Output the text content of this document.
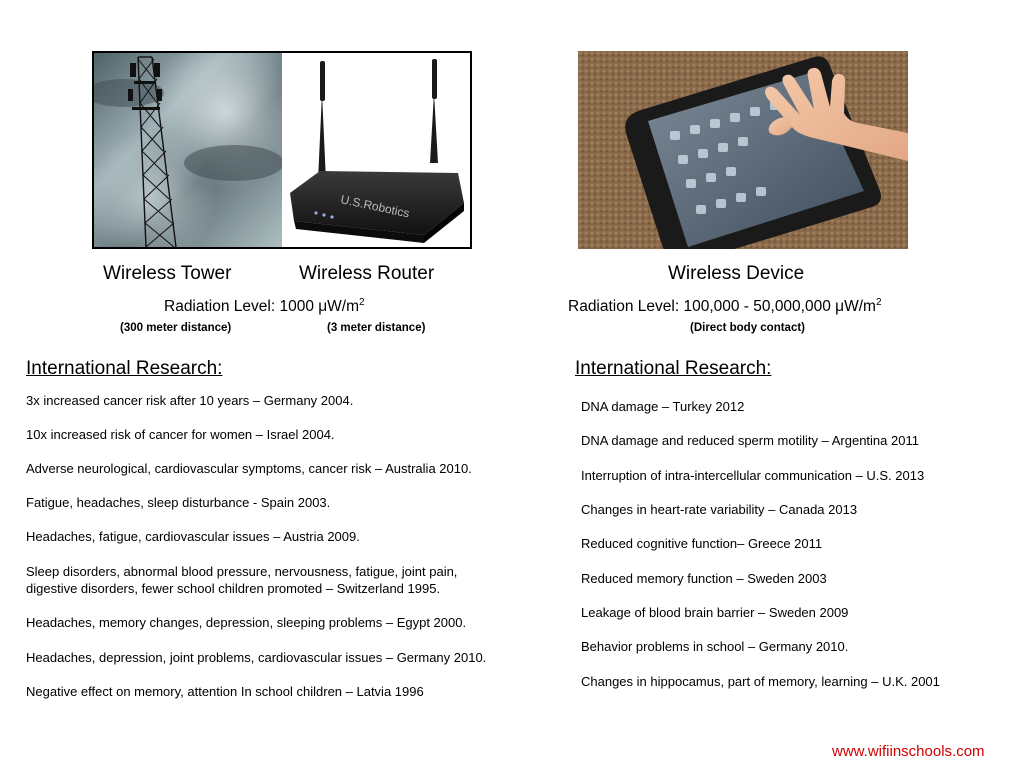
U.S.Robotics
Wireless Tower	Wireless Router	Wireless Device
Radiation Level: 1000 $\mu W/m^2$	Radiation Level: 100,000 - 50,000,000 $\mu W/m^2$
(300 meter distance)	(3 meter distance)	(Direct body contact)
International Research:	International Research:
3x increased cancer risk after 10 years – Germany 2004.
10x increased risk of cancer for women – Israel 2004.
Adverse neurological, cardiovascular symptoms, cancer risk – Australia 2010.
Fatigue, headaches, sleep disturbance - Spain 2003.
Headaches, fatigue, cardiovascular issues – Austria 2009.
Sleep disorders, abnormal blood pressure, nervousness, fatigue, joint pain,
digestive disorders, fewer school children promoted – Switzerland 1995.
Headaches, memory changes, depression, sleeping problems – Egypt 2000.
Headaches, depression, joint problems, cardiovascular issues – Germany 2010.
Negative effect on memory, attention In school children – Latvia 1996
DNA damage – Turkey 2012
DNA damage and reduced sperm motility – Argentina 2011
Interruption of intra-intercellular communication – U.S. 2013
Changes in heart-rate variability – Canada 2013
Reduced cognitive function– Greece 2011
Reduced memory function – Sweden 2003
Leakage of blood brain barrier – Sweden 2009
Behavior problems in school – Germany 2010.
Changes in hippocamus, part of memory, learning – U.K. 2001
www.wifiinschools.com
